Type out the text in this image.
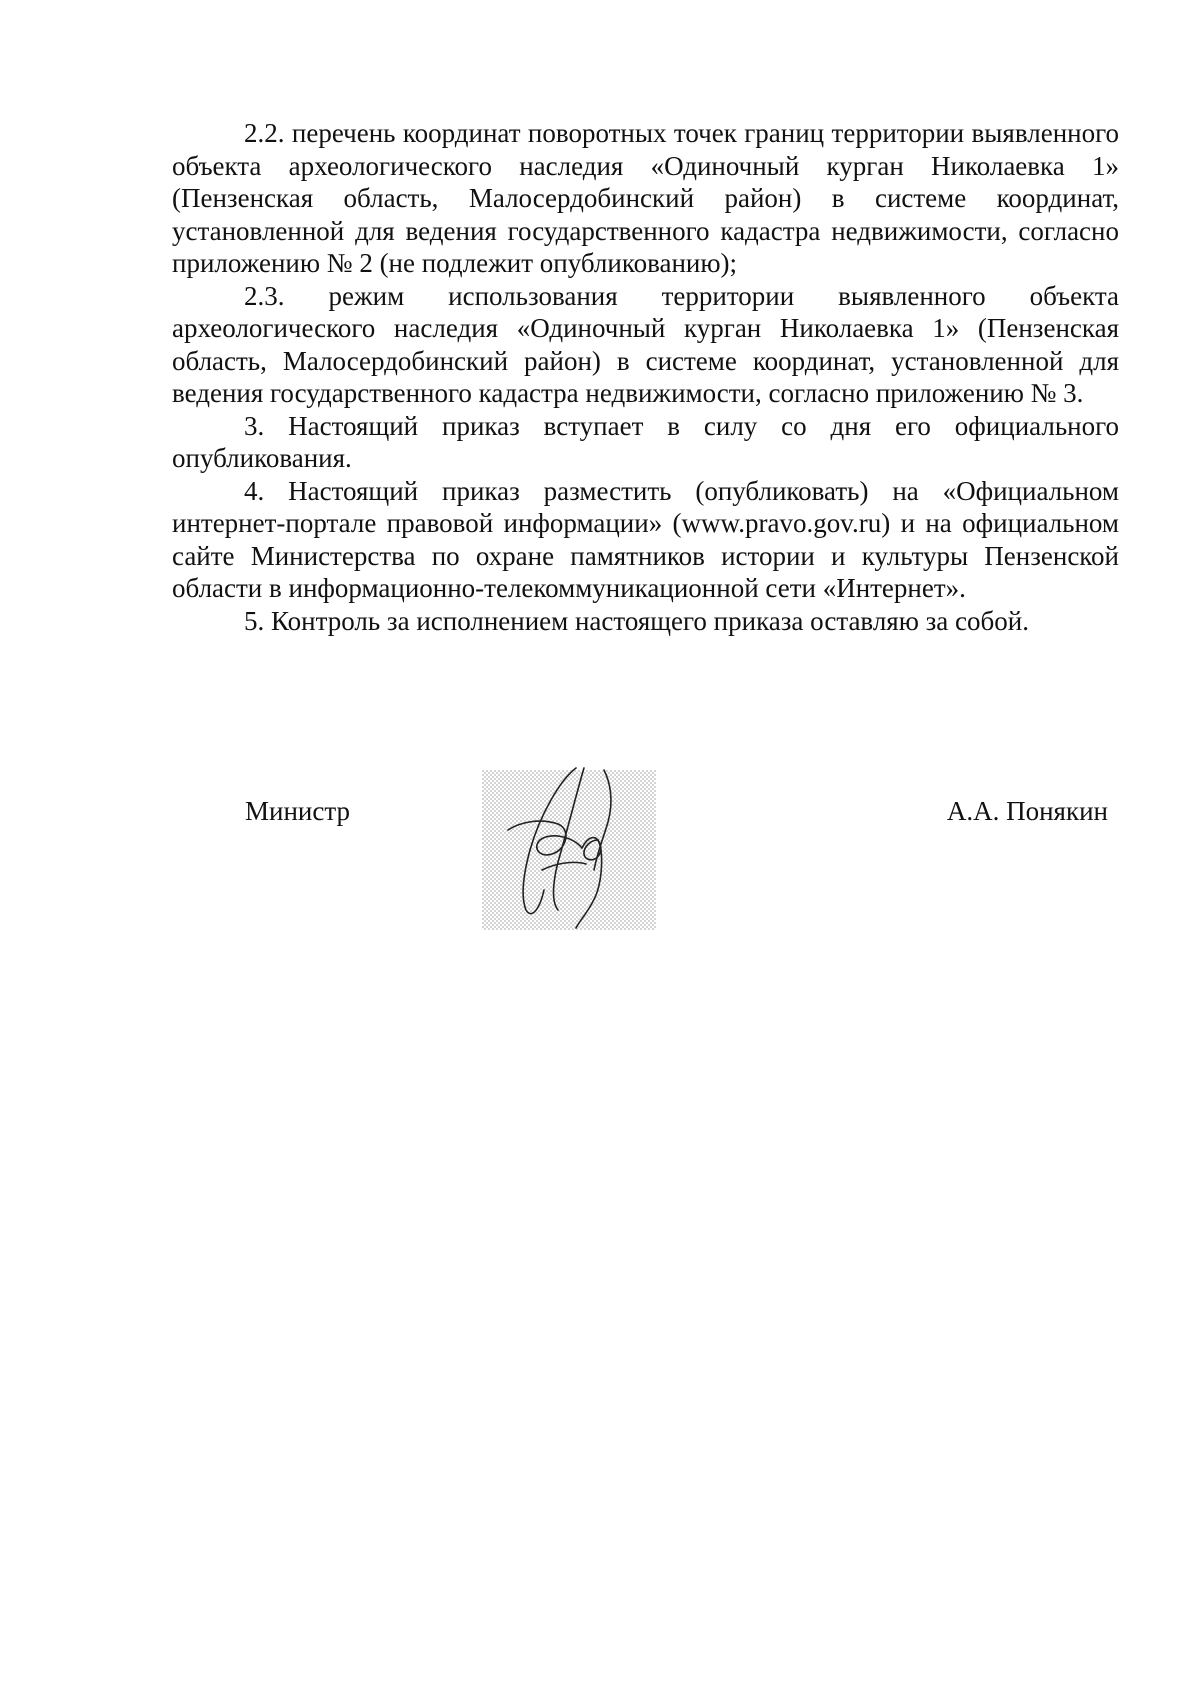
2.2. перечень координат поворотных точек границ территории выявленного объекта археологического наследия «Одиночный курган Николаевка 1» (Пензенская область, Малосердобинский район) в системе координат, установленной для ведения государственного кадастра недвижимости, согласно приложению № 2 (не подлежит опубликованию);

2.3. режим использования территории выявленного объекта археологического наследия «Одиночный курган Николаевка 1» (Пензенская область, Малосердобинский район) в системе координат, установленной для ведения государственного кадастра недвижимости, согласно приложению № 3.

3. Настоящий приказ вступает в силу со дня его официального опубликования.

4. Настоящий приказ разместить (опубликовать) на «Официальном интернет-портале правовой информации» (www.pravo.gov.ru) и на официальном сайте Министерства по охране памятников истории и культуры Пензенской области в информационно-телекоммуникационной сети «Интернет».

5. Контроль за исполнением настоящего приказа оставляю за собой.

Министр	А.А. Понякин
